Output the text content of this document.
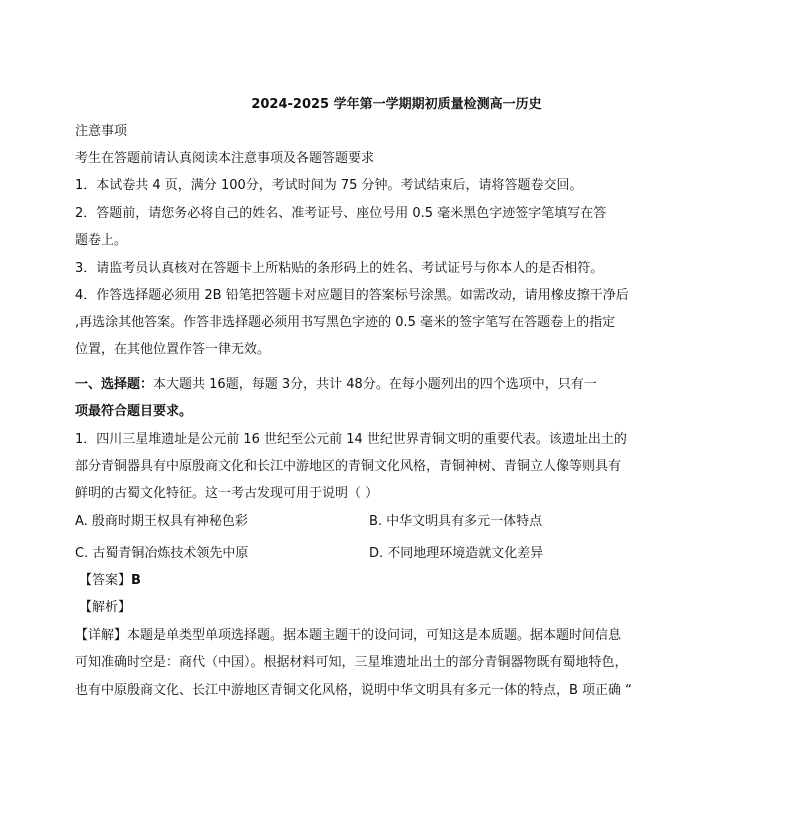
2024-2025 学年第一学期期初质量检测高一历史
注意事项
考生在答题前请认真阅读本注意事项及各题答题要求
1．本试卷共 4 页，满分 100分，考试时间为 75 分钟。考试结束后，请将答题卷交回。
2．答题前，请您务必将自己的姓名、准考证号、座位号用 0.5 毫米黑色字迹签字笔填写在答
题卷上。
3．请监考员认真核对在答题卡上所粘贴的条形码上的姓名、考试证号与你本人的是否相符。
4．作答选择题必须用 2B 铅笔把答题卡对应题目的答案标号涂黑。如需改动，请用橡皮擦干净后
,再选涂其他答案。作答非选择题必须用书写黑色字迹的 0.5 毫米的签字笔写在答题卷上的指定
位置，在其他位置作答一律无效。
一、选择题：本大题共 16题，每题 3分，共计 48分。在每小题列出的四个选项中，只有一
项最符合题目要求。
1．四川三星堆遗址是公元前 16 世纪至公元前 14 世纪世界青铜文明的重要代表。该遗址出土的
部分青铜器具有中原殷商文化和长江中游地区的青铜文化风格，青铜神树、青铜立人像等则具有
鲜明的古蜀文化特征。这一考古发现可用于说明（ ）
A. 殷商时期王权具有神秘色彩	B. 中华文明具有多元一体特点
C. 古蜀青铜冶炼技术领先中原	D. 不同地理环境造就文化差异
【答案】B
【解析】
【详解】本题是单类型单项选择题。据本题主题干的设问词，可知这是本质题。据本题时间信息
可知准确时空是：商代（中国）。根据材料可知，三星堆遗址出土的部分青铜器物既有蜀地特色，
也有中原殷商文化、长江中游地区青铜文化风格，说明中华文明具有多元一体的特点，B 项正确 “
